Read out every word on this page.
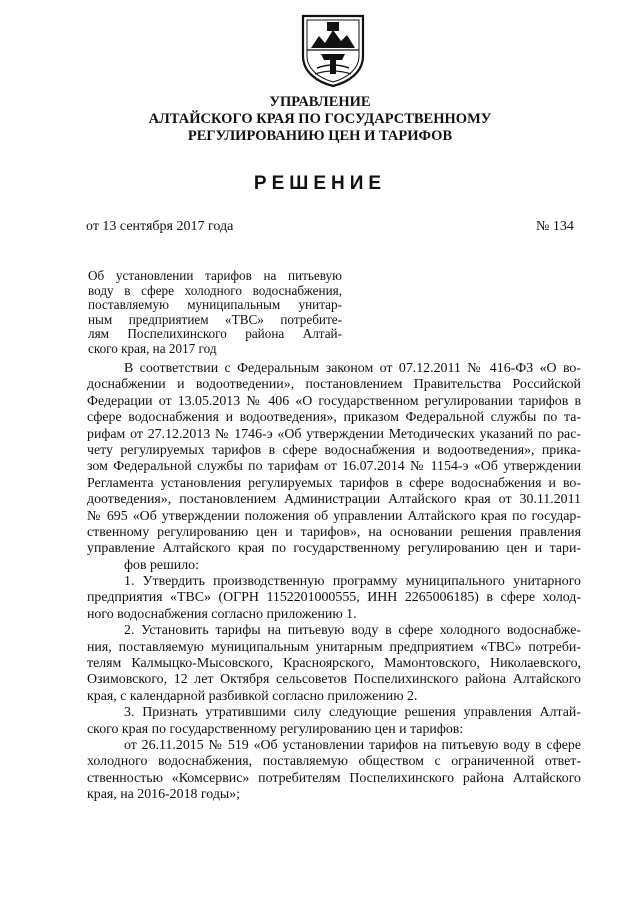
УПРАВЛЕНИЕ
АЛТАЙСКОГО КРАЯ ПО ГОСУДАРСТВЕННОМУ
РЕГУЛИРОВАНИЮ ЦЕН И ТАРИФОВ
РЕШЕНИЕ
от 13 сентября 2017 года	№ 134
Об установлении тарифов на питьевую
воду в сфере холодного водоснабжения,
поставляемую муниципальным унитар-
ным предприятием «ТВС» потребите-
лям Поспелихинского района Алтай-
ского края, на 2017 год
В соответствии с Федеральным законом от 07.12.2011 № 416-ФЗ «О во-
доснабжении и водоотведении», постановлением Правительства Российской
Федерации от 13.05.2013 № 406 «О государственном регулировании тарифов в
сфере водоснабжения и водоотведения», приказом Федеральной службы по та-
рифам от 27.12.2013 № 1746-э «Об утверждении Методических указаний по рас-
чету регулируемых тарифов в сфере водоснабжения и водоотведения», прика-
зом Федеральной службы по тарифам от 16.07.2014 № 1154-э «Об утверждении
Регламента установления регулируемых тарифов в сфере водоснабжения и во-
доотведения», постановлением Администрации Алтайского края от 30.11.2011
№ 695 «Об утверждении положения об управлении Алтайского края по государ-
ственному регулированию цен и тарифов», на основании решения правления
управление Алтайского края по государственному регулированию цен и тари-
фов решило:
1. Утвердить производственную программу муниципального унитарного
предприятия «ТВС» (ОГРН 1152201000555, ИНН 2265006185) в сфере холод-
ного водоснабжения согласно приложению 1.
2. Установить тарифы на питьевую воду в сфере холодного водоснабже-
ния, поставляемую муниципальным унитарным предприятием «ТВС» потреби-
телям Калмыцко-Мысовского, Красноярского, Мамонтовского, Николаевского,
Озимовского, 12 лет Октября сельсоветов Поспелихинского района Алтайского
края, с календарной разбивкой согласно приложению 2.
3. Признать утратившими силу следующие решения управления Алтай-
ского края по государственному регулированию цен и тарифов:
от 26.11.2015 № 519 «Об установлении тарифов на питьевую воду в сфере
холодного водоснабжения, поставляемую обществом с ограниченной ответ-
ственностью «Комсервис» потребителям Поспелихинского района Алтайского
края, на 2016-2018 годы»;
